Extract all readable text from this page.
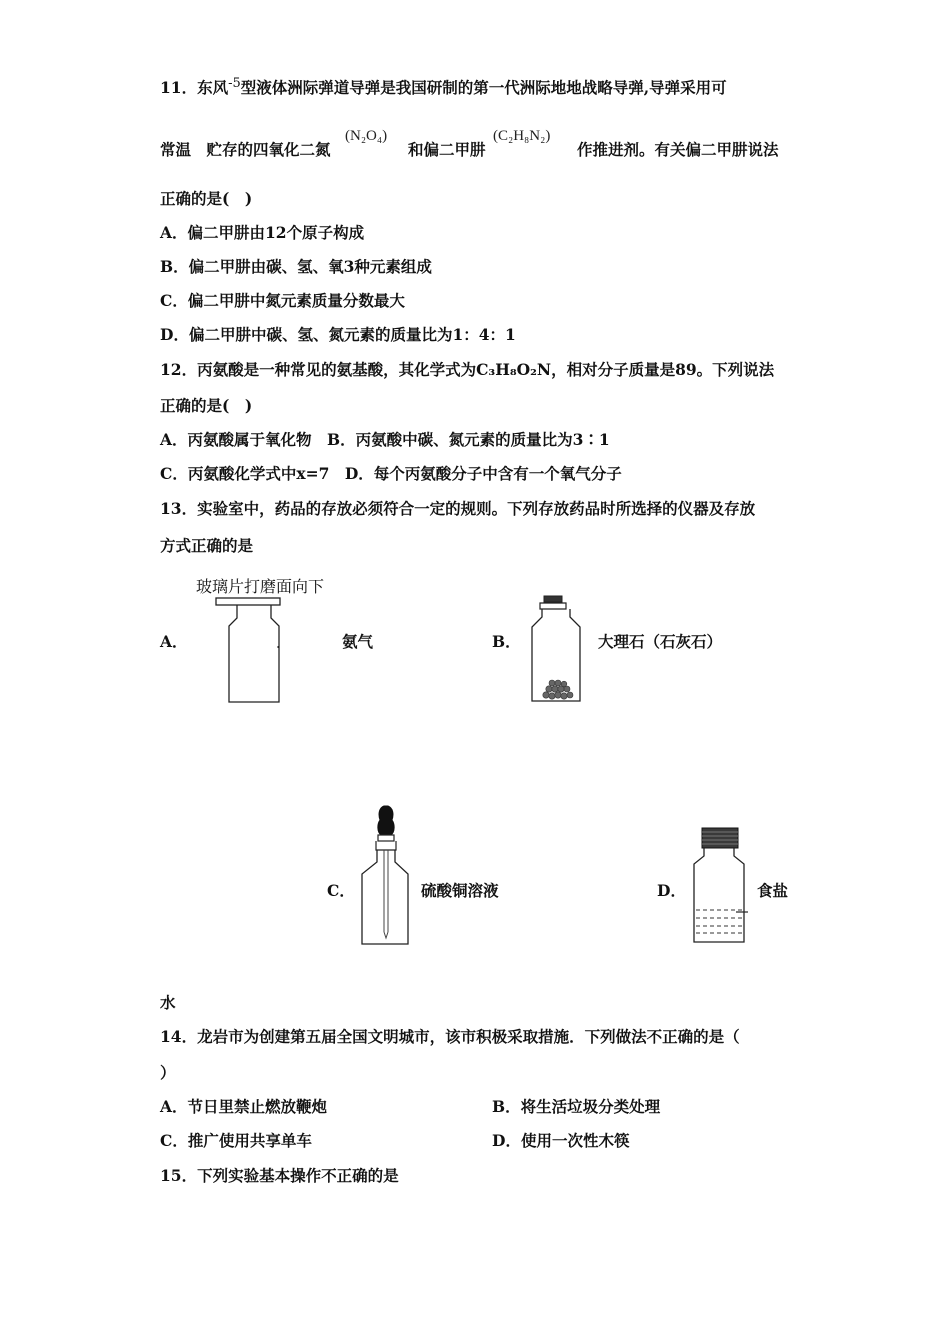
11．东风$^{-5}$型液体洲际弹道导弹是我国研制的第一代洲际地地战略导弹,导弹采用可
常温　贮存的四氧化二氮
(N₂O₄)
和偏二甲肼
(C₂H₈N₂)
作推进剂。有关偏二甲肼说法
正确的是(　)
A．偏二甲肼由12个原子构成
B．偏二甲肼由碳、氢、氧3种元素组成
C．偏二甲肼中氮元素质量分数最大
D．偏二甲肼中碳、氢、氮元素的质量比为1：4：1
12．丙氨酸是一种常见的氨基酸，其化学式为C₃H₈O₂N，相对分子质量是89。下列说法
正确的是(　)
A．丙氨酸属于氧化物　B．丙氨酸中碳、氮元素的质量比为3∶1
C．丙氨酸化学式中x=7　D．每个丙氨酸分子中含有一个氧气分子
13．实验室中，药品的存放必须符合一定的规则。下列存放药品时所选择的仪器及存放
方式正确的是
玻璃片打磨面向下
A．	氨气	B．	大理石（石灰石）
C．	硫酸铜溶液	D．	食盐
水
14．龙岩市为创建第五届全国文明城市，该市积极采取措施．下列做法不正确的是（
）
A．节日里禁止燃放鞭炮	B．将生活垃圾分类处理
C．推广使用共享单车	D．使用一次性木筷
15．下列实验基本操作不正确的是
